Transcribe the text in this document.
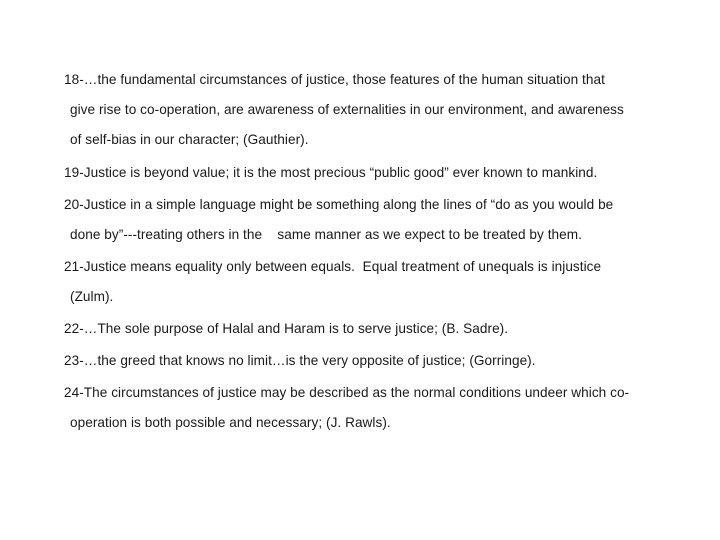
18-…the fundamental circumstances of justice, those features of the human situation that
give rise to co-operation, are awareness of externalities in our environment, and awareness
of self-bias in our character; (Gauthier).
19-Justice is beyond value; it is the most precious “public good” ever known to mankind.
20-Justice in a simple language might be something along the lines of “do as you would be
done by”---treating others in the    same manner as we expect to be treated by them.
21-Justice means equality only between equals.  Equal treatment of unequals is injustice
(Zulm).
22-…The sole purpose of Halal and Haram is to serve justice; (B. Sadre).
23-…the greed that knows no limit…is the very opposite of justice; (Gorringe).
24-The circumstances of justice may be described as the normal conditions undeer which co-
operation is both possible and necessary; (J. Rawls).
